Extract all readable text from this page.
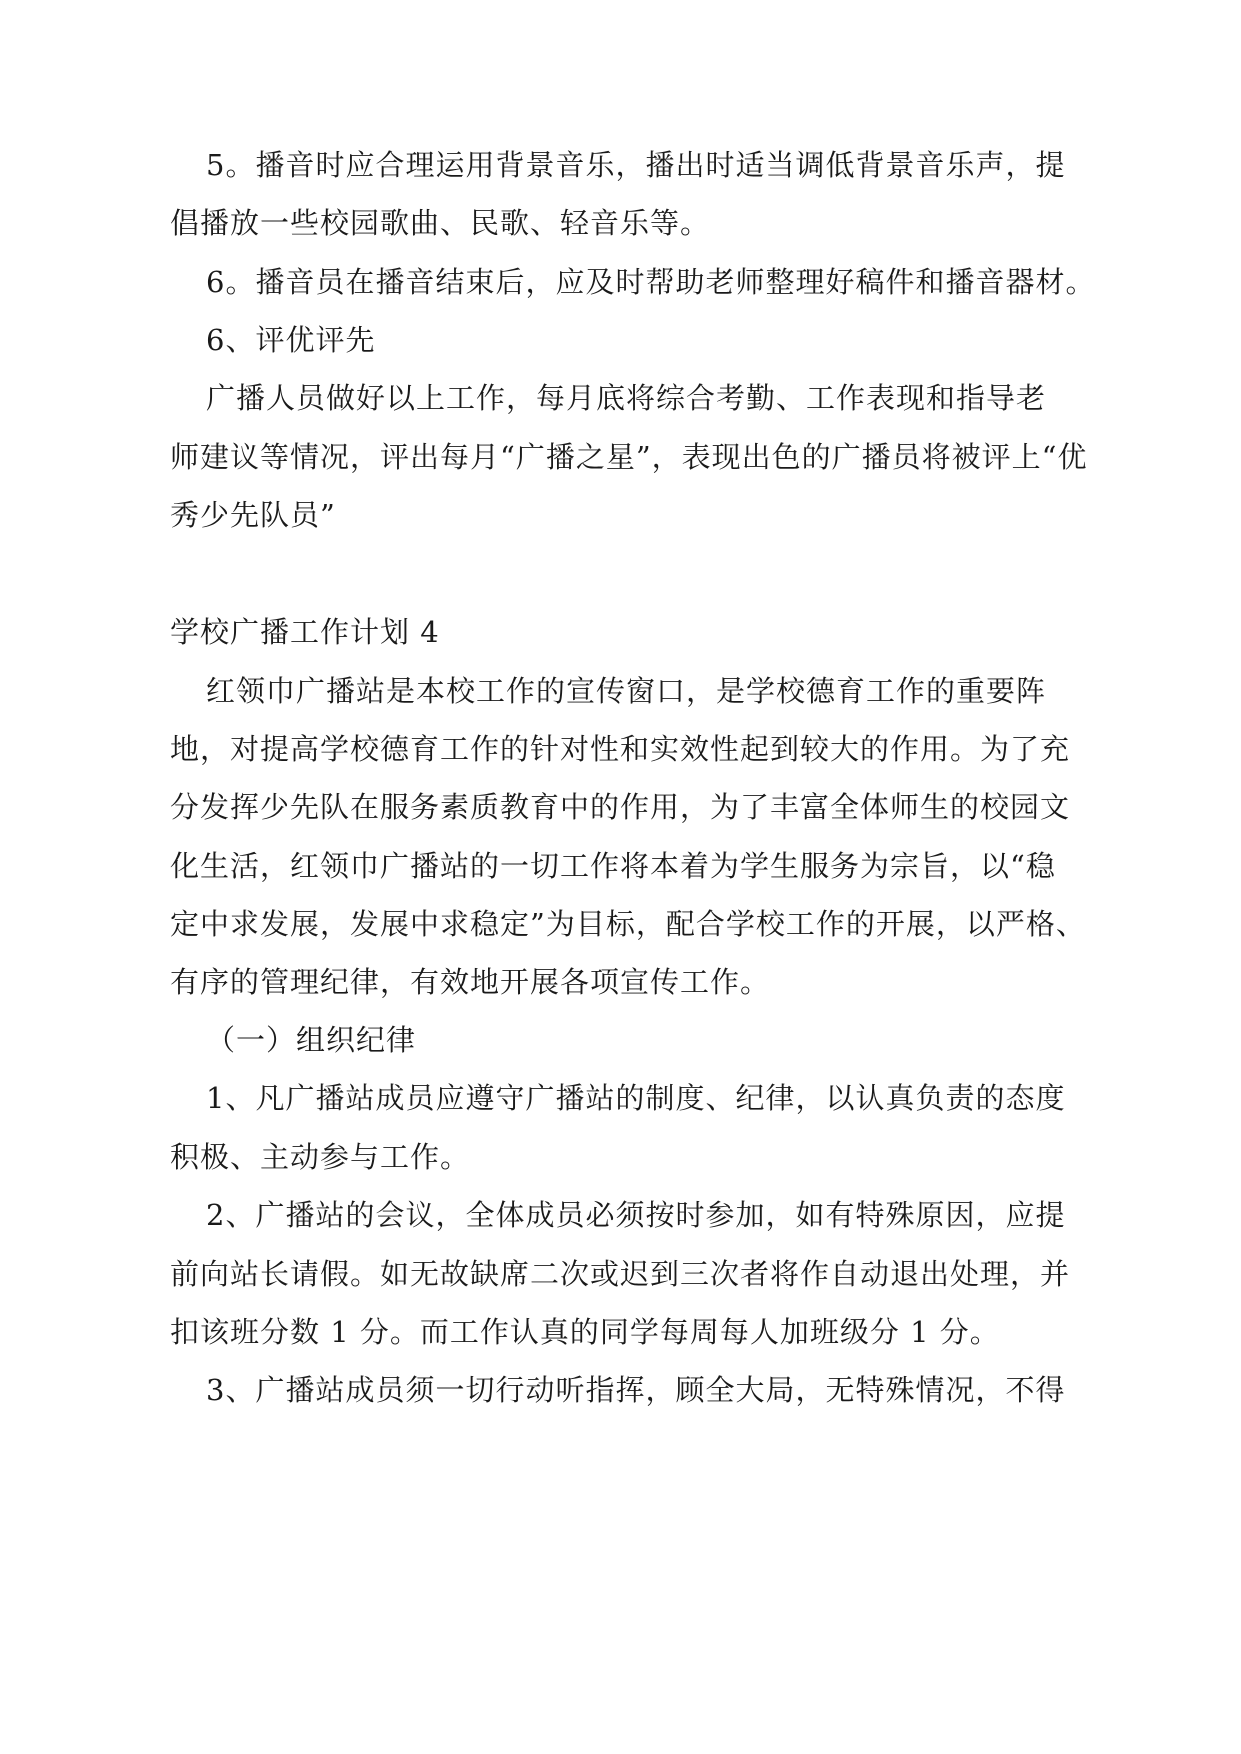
5。播音时应合理运用背景音乐，播出时适当调低背景音乐声，提
倡播放一些校园歌曲、民歌、轻音乐等。
6。播音员在播音结束后，应及时帮助老师整理好稿件和播音器材。
6、评优评先
广播人员做好以上工作，每月底将综合考勤、工作表现和指导老
师建议等情况，评出每月“广播之星”，表现出色的广播员将被评上“优
秀少先队员”
学校广播工作计划 4
红领巾广播站是本校工作的宣传窗口，是学校德育工作的重要阵
地，对提高学校德育工作的针对性和实效性起到较大的作用。为了充
分发挥少先队在服务素质教育中的作用，为了丰富全体师生的校园文
化生活，红领巾广播站的一切工作将本着为学生服务为宗旨，以“稳
定中求发展，发展中求稳定”为目标，配合学校工作的开展，以严格、
有序的管理纪律，有效地开展各项宣传工作。
（一）组织纪律
1、凡广播站成员应遵守广播站的制度、纪律，以认真负责的态度
积极、主动参与工作。
2、广播站的会议，全体成员必须按时参加，如有特殊原因，应提
前向站长请假。如无故缺席二次或迟到三次者将作自动退出处理，并
扣该班分数 1 分。而工作认真的同学每周每人加班级分 1 分。
3、广播站成员须一切行动听指挥，顾全大局，无特殊情况，不得
